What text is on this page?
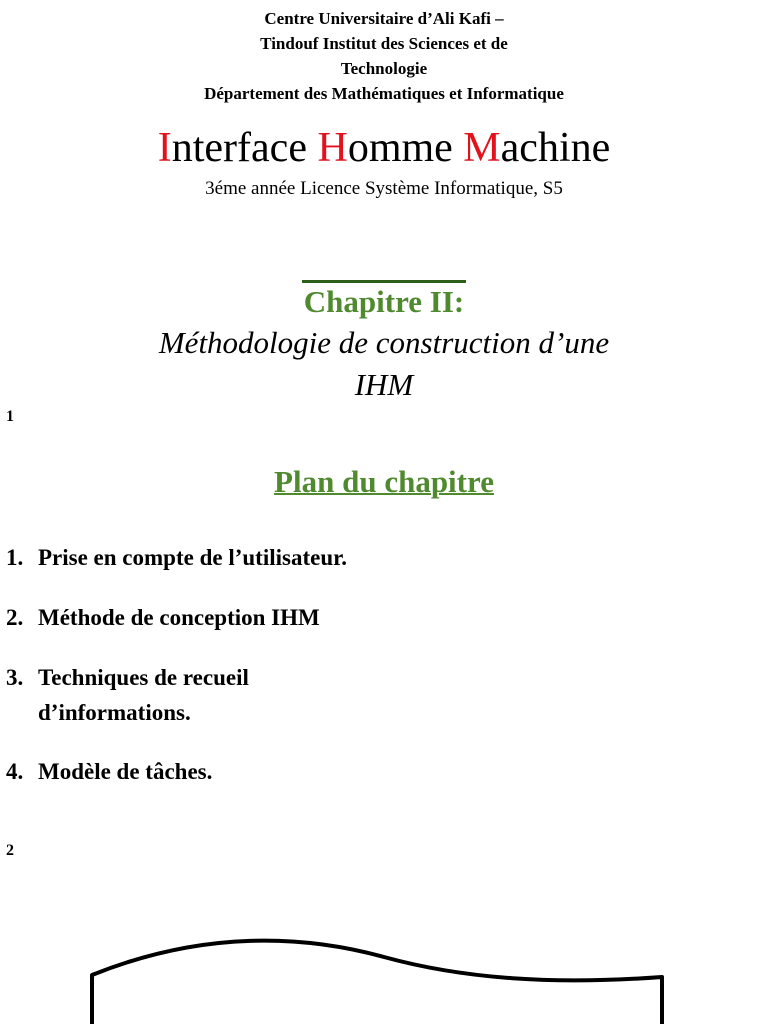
Centre Universitaire d’Ali Kafi –
Tindouf Institut des Sciences et de
Technologie
Département des Mathématiques et Informatique
Interface Homme Machine
3éme année Licence Système Informatique, S5
Chapitre II:
Méthodologie de construction d’une
IHM
1
Plan du chapitre
1. Prise en compte de l’utilisateur.
2. Méthode de conception IHM
3. Techniques de recueil d’informations.
4. Modèle de tâches.
2
